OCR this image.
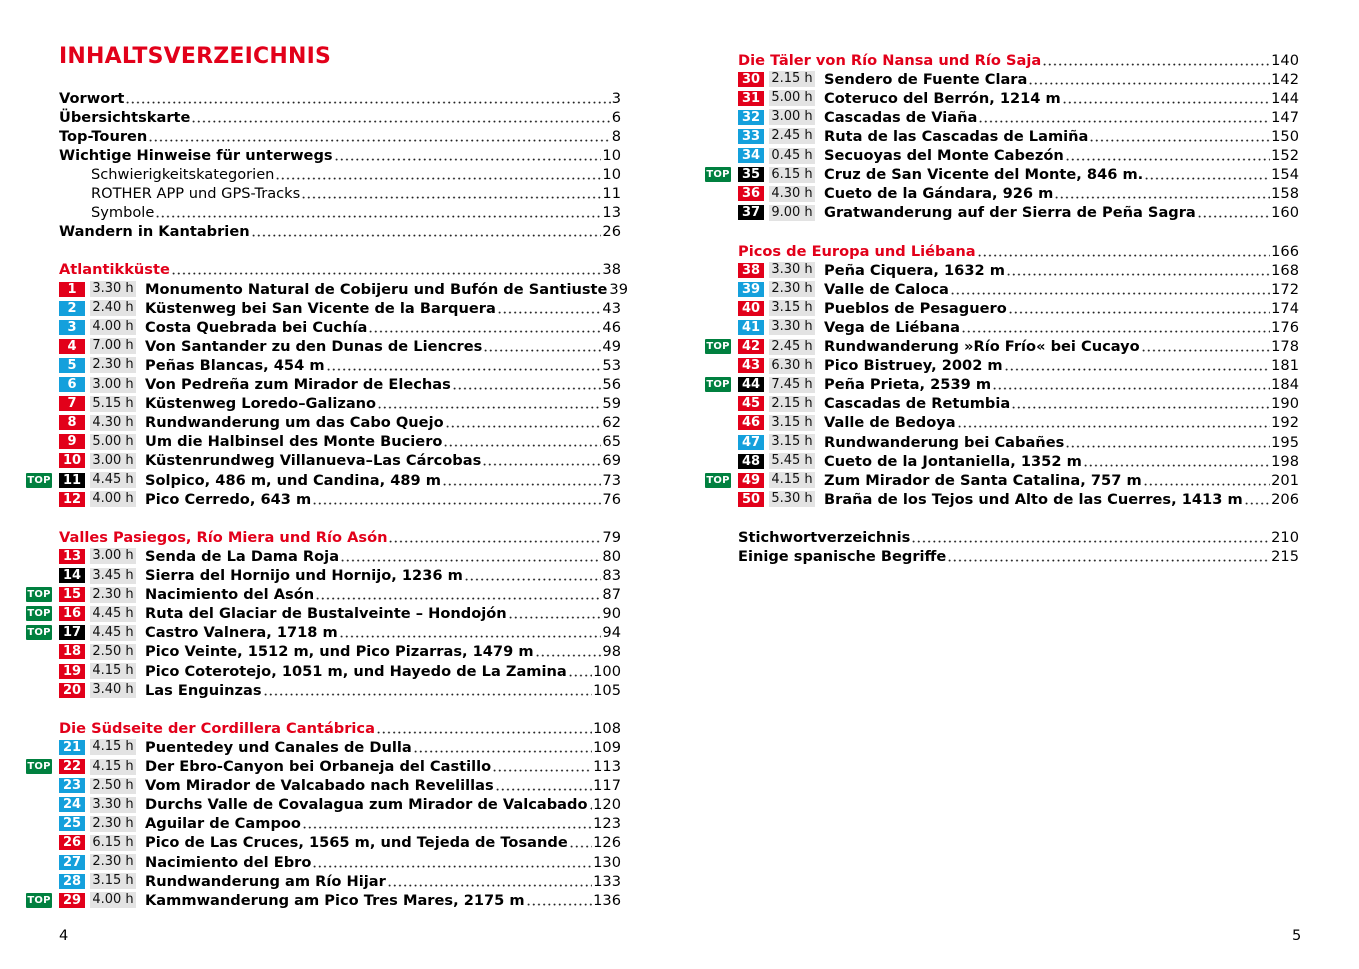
INHALTSVERZEICHNIS
Vorwort	3
Übersichtskarte	6
Top-Touren	8
Wichtige Hinweise für unterwegs	10
Schwierigkeitskategorien	10
ROTHER APP und GPS-Tracks	11
Symbole	13
Wandern in Kantabrien	26
Atlantikküste	38
1	3.30 h Monumento Natural de Cobijeru und Bufón de Santiuste 39
2	2.40 h Küstenweg bei San Vicente de la Barquera	43
3	4.00 h Costa Quebrada bei Cuchía	46
4	7.00 h Von Santander zu den Dunas de Liencres	49
5	2.30 h Peñas Blancas, 454 m	53
6	3.00 h Von Pedreña zum Mirador de Elechas	56
7	5.15 h Küstenweg Loredo–Galizano	59
8	4.30 h Rundwanderung um das Cabo Quejo	62
9	5.00 h Um die Halbinsel des Monte Buciero	65
10 3.00 h Küstenrundweg Villanueva–Las Cárcobas	69
TOP 11 4.45 h Solpico, 486 m, und Candina, 489 m	73
12 4.00 h Pico Cerredo, 643 m	76
Valles Pasiegos, Río Miera und Río Asón	79
13 3.00 h Senda de La Dama Roja	80
14 3.45 h Sierra del Hornijo und Hornijo, 1236 m	83
TOP 15 2.30 h Nacimiento del Asón	87
TOP 16 4.45 h Ruta del Glaciar de Bustalveinte – Hondojón	90
TOP 17 4.45 h Castro Valnera, 1718 m	94
18 2.50 h Pico Veinte, 1512 m, und Pico Pizarras, 1479 m	98
19 4.15 h Pico Coterotejo, 1051 m, und Hayedo de La Zamina 100
20 3.40 h Las Enguinzas	105
Die Südseite der Cordillera Cantábrica	108
21 4.15 h Puentedey und Canales de Dulla	109
TOP 22 4.15 h Der Ebro-Canyon bei Orbaneja del Castillo	113
23 2.50 h Vom Mirador de Valcabado nach Revelillas	117
24 3.30 h Durchs Valle de Covalagua zum Mirador de Valcabado 120
25 2.30 h Aguilar de Campoo	123
26 6.15 h Pico de Las Cruces, 1565 m, und Tejeda de Tosande 126
27 2.30 h Nacimiento del Ebro	130
28 3.15 h Rundwanderung am Río Hijar	133
TOP 29 4.00 h Kammwanderung am Pico Tres Mares, 2175 m	136
4
Die Täler von Río Nansa und Río Saja	140
30 2.15 h Sendero de Fuente Clara	142
31 5.00 h Coteruco del Berrón, 1214 m	144
32 3.00 h Cascadas de Viaña	147
33 2.45 h Ruta de las Cascadas de Lamiña	150
34 0.45 h Secuoyas del Monte Cabezón	152
TOP 35 6.15 h Cruz de San Vicente del Monte, 846 m.	154
36 4.30 h Cueto de la Gándara, 926 m	158
37 9.00 h Gratwanderung auf der Sierra de Peña Sagra	160
Picos de Europa und Liébana	166
38 3.30 h Peña Ciquera, 1632 m	168
39 2.30 h Valle de Caloca	172
40 3.15 h Pueblos de Pesaguero	174
41 3.30 h Vega de Liébana	176
TOP 42 2.45 h Rundwanderung »Río Frío« bei Cucayo	178
43 6.30 h Pico Bistruey, 2002 m	181
TOP 44 7.45 h Peña Prieta, 2539 m	184
45 2.15 h Cascadas de Retumbia	190
46 3.15 h Valle de Bedoya	192
47 3.15 h Rundwanderung bei Cabañes	195
48 5.45 h Cueto de la Jontaniella, 1352 m	198
TOP 49 4.15 h Zum Mirador de Santa Catalina, 757 m	201
50 5.30 h Braña de los Tejos und Alto de las Cuerres, 1413 m 206
Stichwortverzeichnis	210
Einige spanische Begriffe	215
5
